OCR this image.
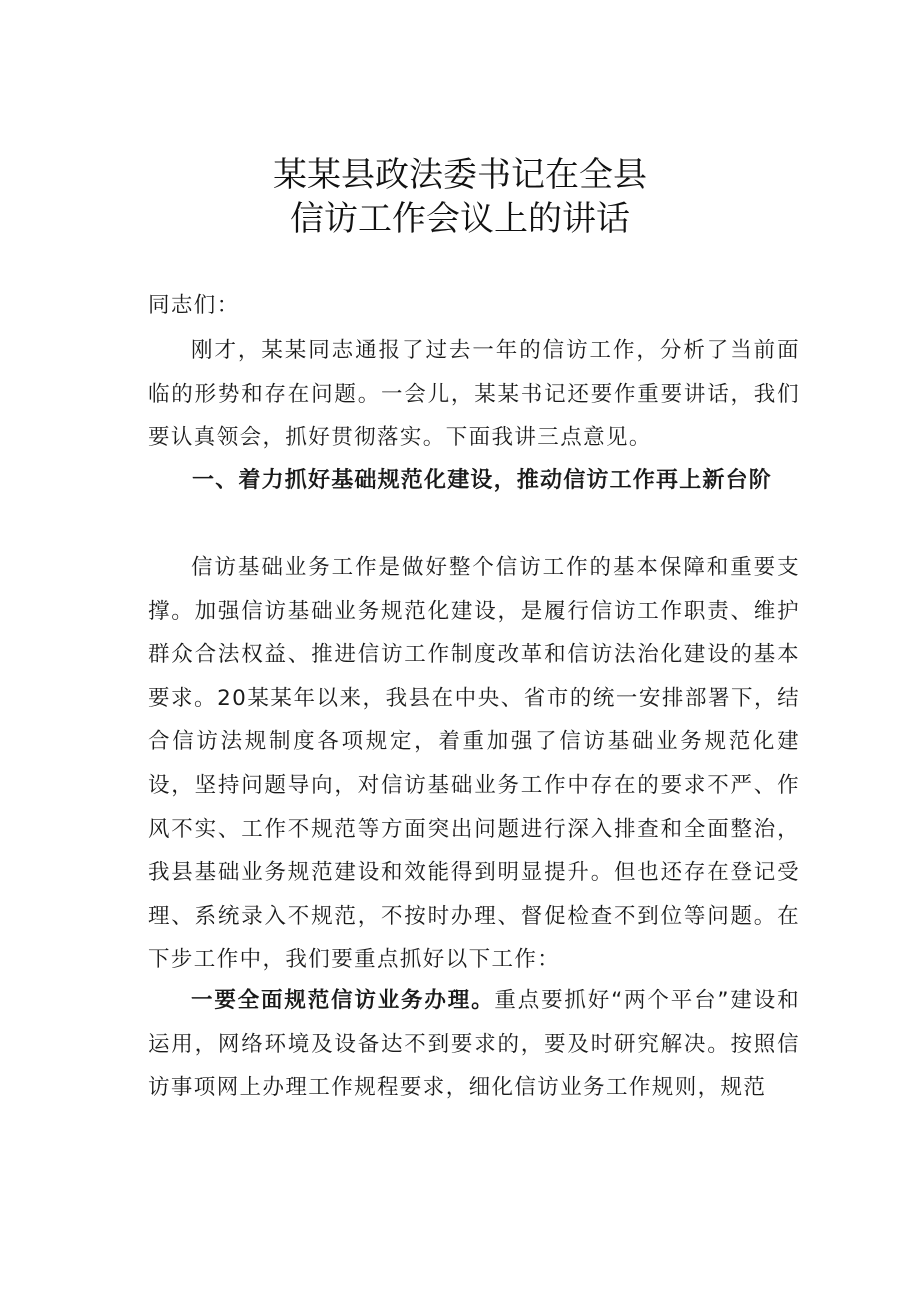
某某县政法委书记在全县
信访工作会议上的讲话

同志们：

刚才，某某同志通报了过去一年的信访工作，分析了当前面临的形势和存在问题。一会儿，某某书记还要作重要讲话，我们要认真领会，抓好贯彻落实。下面我讲三点意见。

一、着力抓好基础规范化建设，推动信访工作再上新台阶

信访基础业务工作是做好整个信访工作的基本保障和重要支撑。加强信访基础业务规范化建设，是履行信访工作职责、维护群众合法权益、推进信访工作制度改革和信访法治化建设的基本要求。20某某年以来，我县在中央、省市的统一安排部署下，结合信访法规制度各项规定，着重加强了信访基础业务规范化建设，坚持问题导向，对信访基础业务工作中存在的要求不严、作风不实、工作不规范等方面突出问题进行深入排查和全面整治，我县基础业务规范建设和效能得到明显提升。但也还存在登记受理、系统录入不规范，不按时办理、督促检查不到位等问题。在下步工作中，我们要重点抓好以下工作：

一要全面规范信访业务办理。重点要抓好“两个平台”建设和运用，网络环境及设备达不到要求的，要及时研究解决。按照信访事项网上办理工作规程要求，细化信访业务工作规则，规范
